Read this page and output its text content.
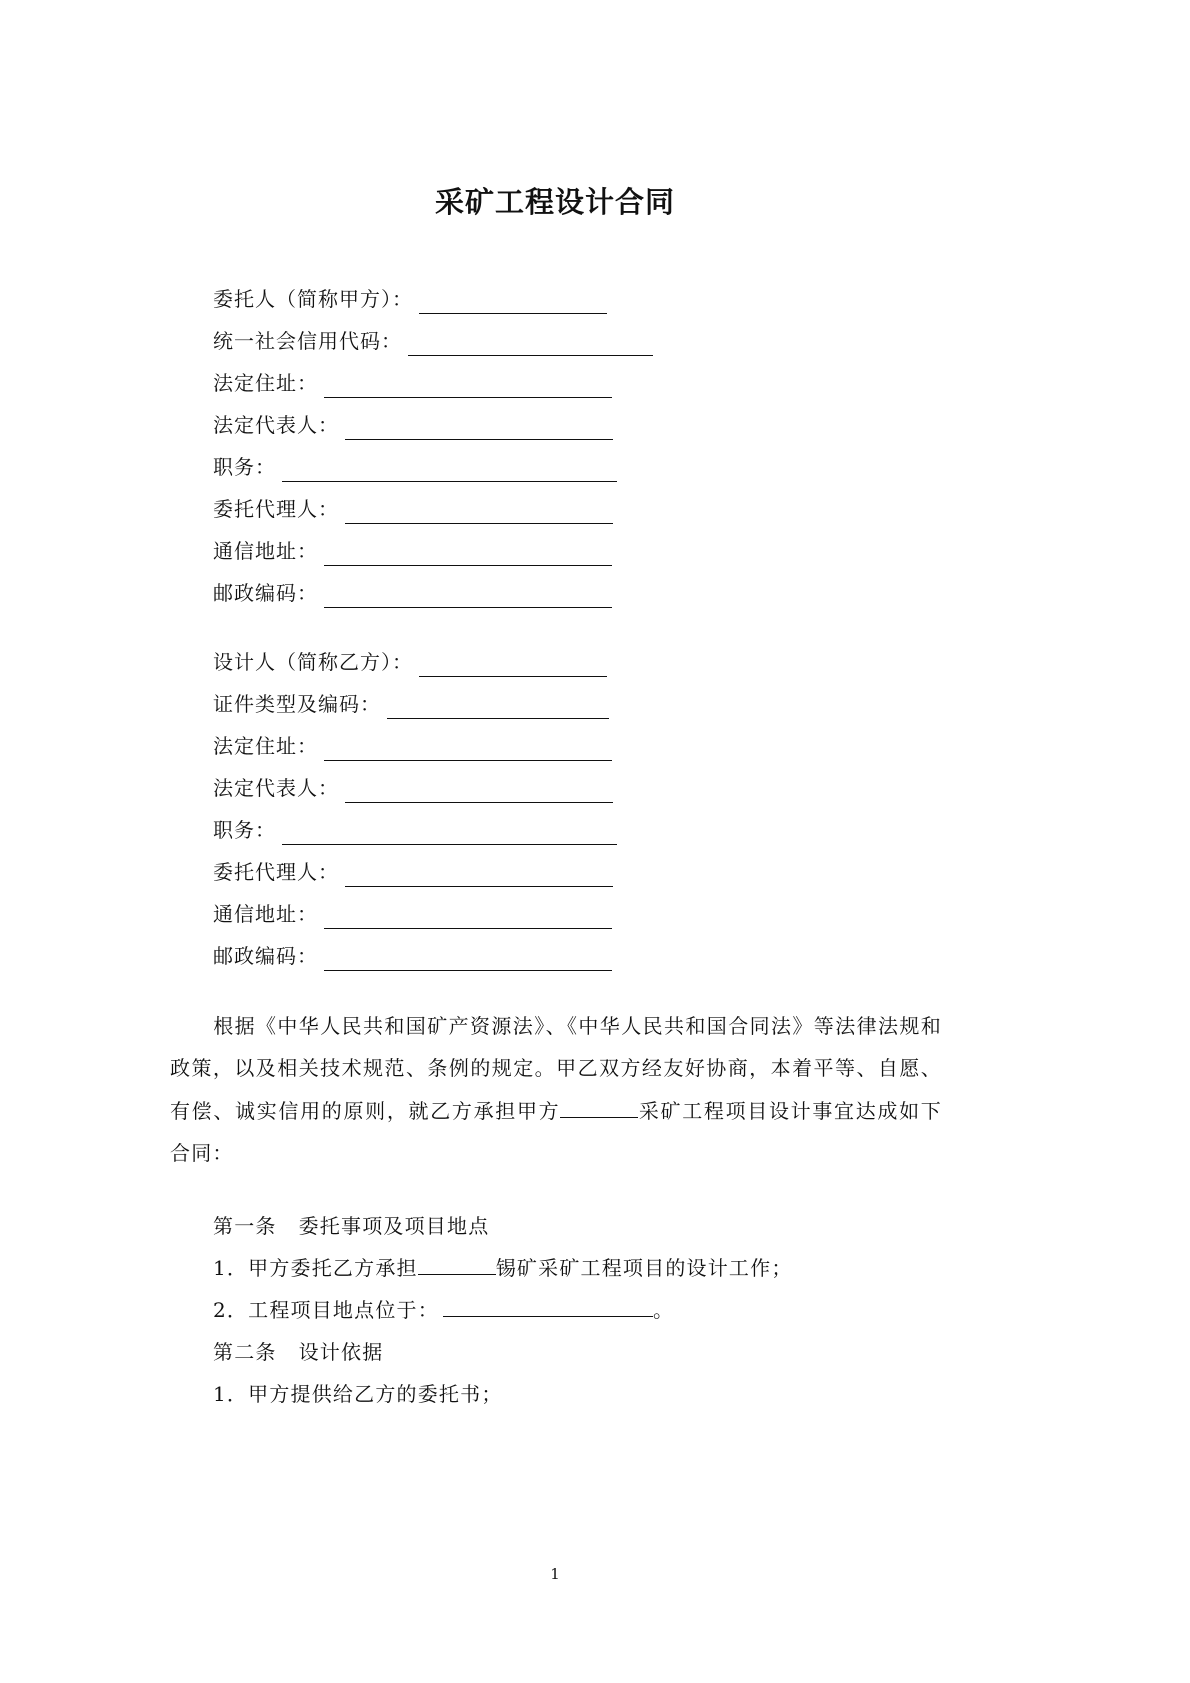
采矿工程设计合同
委托人（简称甲方）：
统一社会信用代码：
法定住址：
法定代表人：
职务：
委托代理人：
通信地址：
邮政编码：
设计人（简称乙方）：
证件类型及编码：
法定住址：
法定代表人：
职务：
委托代理人：
通信地址：
邮政编码：
根据《中华人民共和国矿产资源法》、《中华人民共和国合同法》等法律法规和政策，以及相关技术规范、条例的规定。甲乙双方经友好协商，本着平等、自愿、有偿、诚实信用的原则，就乙方承担甲方	采矿工程项目设计事宜达成如下合同：
第一条 委托事项及项目地点
1．甲方委托乙方承担	锡矿采矿工程项目的设计工作；
2．工程项目地点位于：	。
第二条 设计依据
1．甲方提供给乙方的委托书；
1
